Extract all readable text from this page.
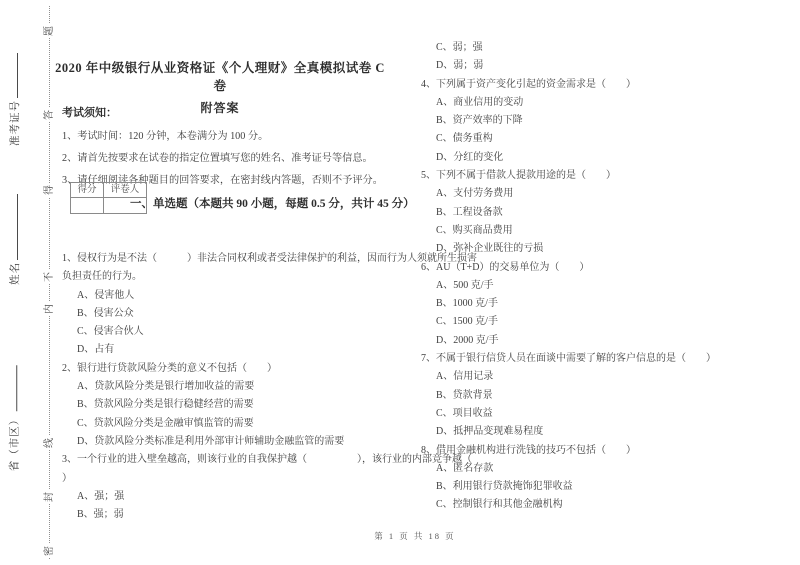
题
答
得
不
内
线
封
密
准考证号
姓名
省（市区）
2020 年中级银行从业资格证《个人理财》全真模拟试卷 C 卷
附答案
考试须知：
1、考试时间：120 分钟，本卷满分为 100 分。
2、请首先按要求在试卷的指定位置填写您的姓名、准考证号等信息。
3、请仔细阅读各种题目的回答要求，在密封线内答题，否则不予评分。
得分	评卷人

一、单选题（本题共 90 小题，每题 0.5 分，共计 45 分）
1、侵权行为是不法（　　　）非法合同权利或者受法律保护的利益，因而行为人须就所生损害
负担责任的行为。
A、侵害他人
B、侵害公众
C、侵害合伙人
D、占有
2、银行进行贷款风险分类的意义不包括（　　）
A、贷款风险分类是银行增加收益的需要
B、贷款风险分类是银行稳健经营的需要
C、贷款风险分类是金融审慎监管的需要
D、贷款风险分类标准是利用外部审计师辅助金融监管的需要
3、一个行业的进入壁垒越高，则该行业的自我保护越（　　　　　），该行业的内部竞争越（
）
A、强；强
B、强；弱
C、弱；强
D、弱；弱
4、下列属于资产变化引起的资金需求是（　　）
A、商业信用的变动
B、资产效率的下降
C、债务重构
D、分红的变化
5、下列不属于借款人提款用途的是（　　）
A、支付劳务费用
B、工程设备款
C、购买商品费用
D、弥补企业既往的亏损
6、AU（T+D）的交易单位为（　　）
A、500 克/手
B、1000 克/手
C、1500 克/手
D、2000 克/手
7、不属于银行信贷人员在面谈中需要了解的客户信息的是（　　）
A、信用记录
B、贷款背景
C、项目收益
D、抵押品变现难易程度
8、借用金融机构进行洗钱的技巧不包括（　　）
A、匿名存款
B、利用银行贷款掩饰犯罪收益
C、控制银行和其他金融机构
第 1 页 共 18 页
